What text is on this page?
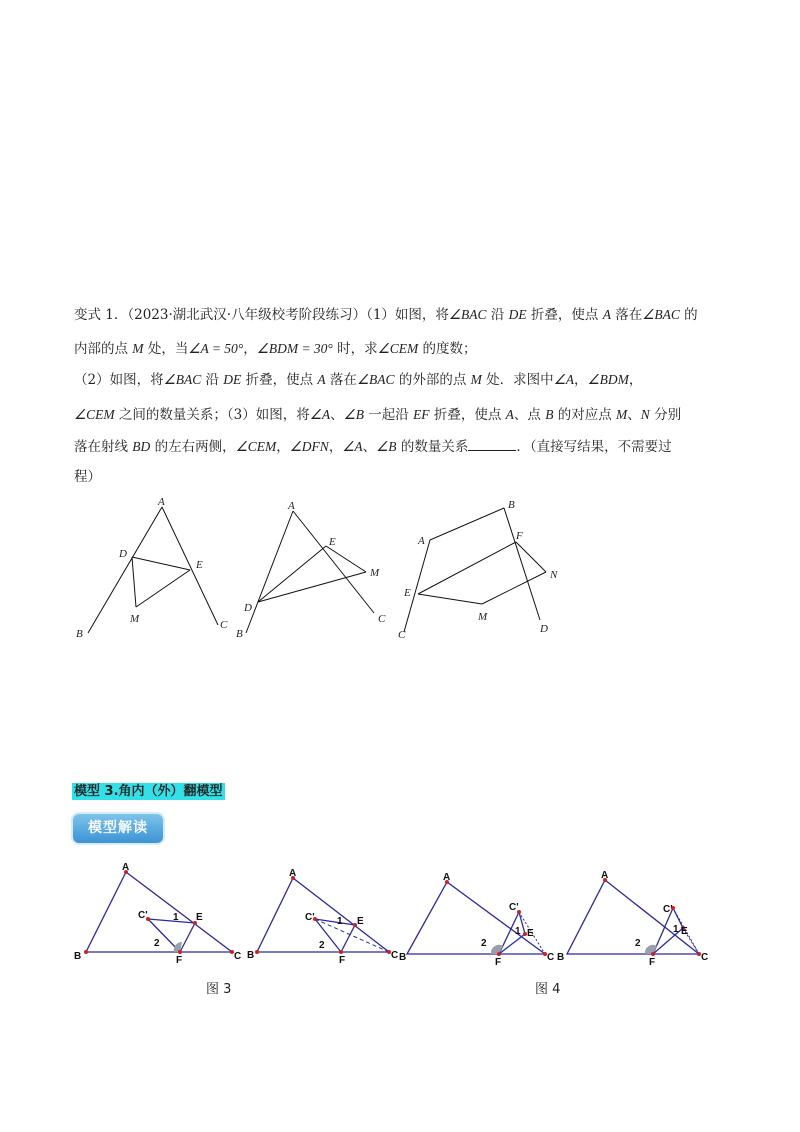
变式 1．（2023·湖北武汉·八年级校考阶段练习）（1）如图，将∠BAC 沿 DE 折叠，使点 A 落在∠BAC 的
内部的点 M 处，当∠A = 50°，∠BDM = 30° 时，求∠CEM 的度数；
（2）如图，将∠BAC 沿 DE 折叠，使点 A 落在∠BAC 的外部的点 M 处．求图中∠A，∠BDM，
∠CEM 之间的数量关系；（3）如图，将∠A、∠B 一起沿 EF 折叠，使点 A、点 B 的对应点 M、N 分别
落在射线 BD 的左右两侧，∠CEM，∠DFN，∠A、∠B 的数量关系	．（直接写结果，不需要过
程）
A
D
E
M
B
C
A
E
M
D
B
C
B
A	F
N
E
M
C	D
模型 3.角内（外）翻模型
模型解读
A
C'	1 E
2
F
B	C
A
C' 1 E
2
F
B	C
A
C'
1 E
2
F
B	C
A
C'
1 E
2
F
B	C
图 3	图 4
